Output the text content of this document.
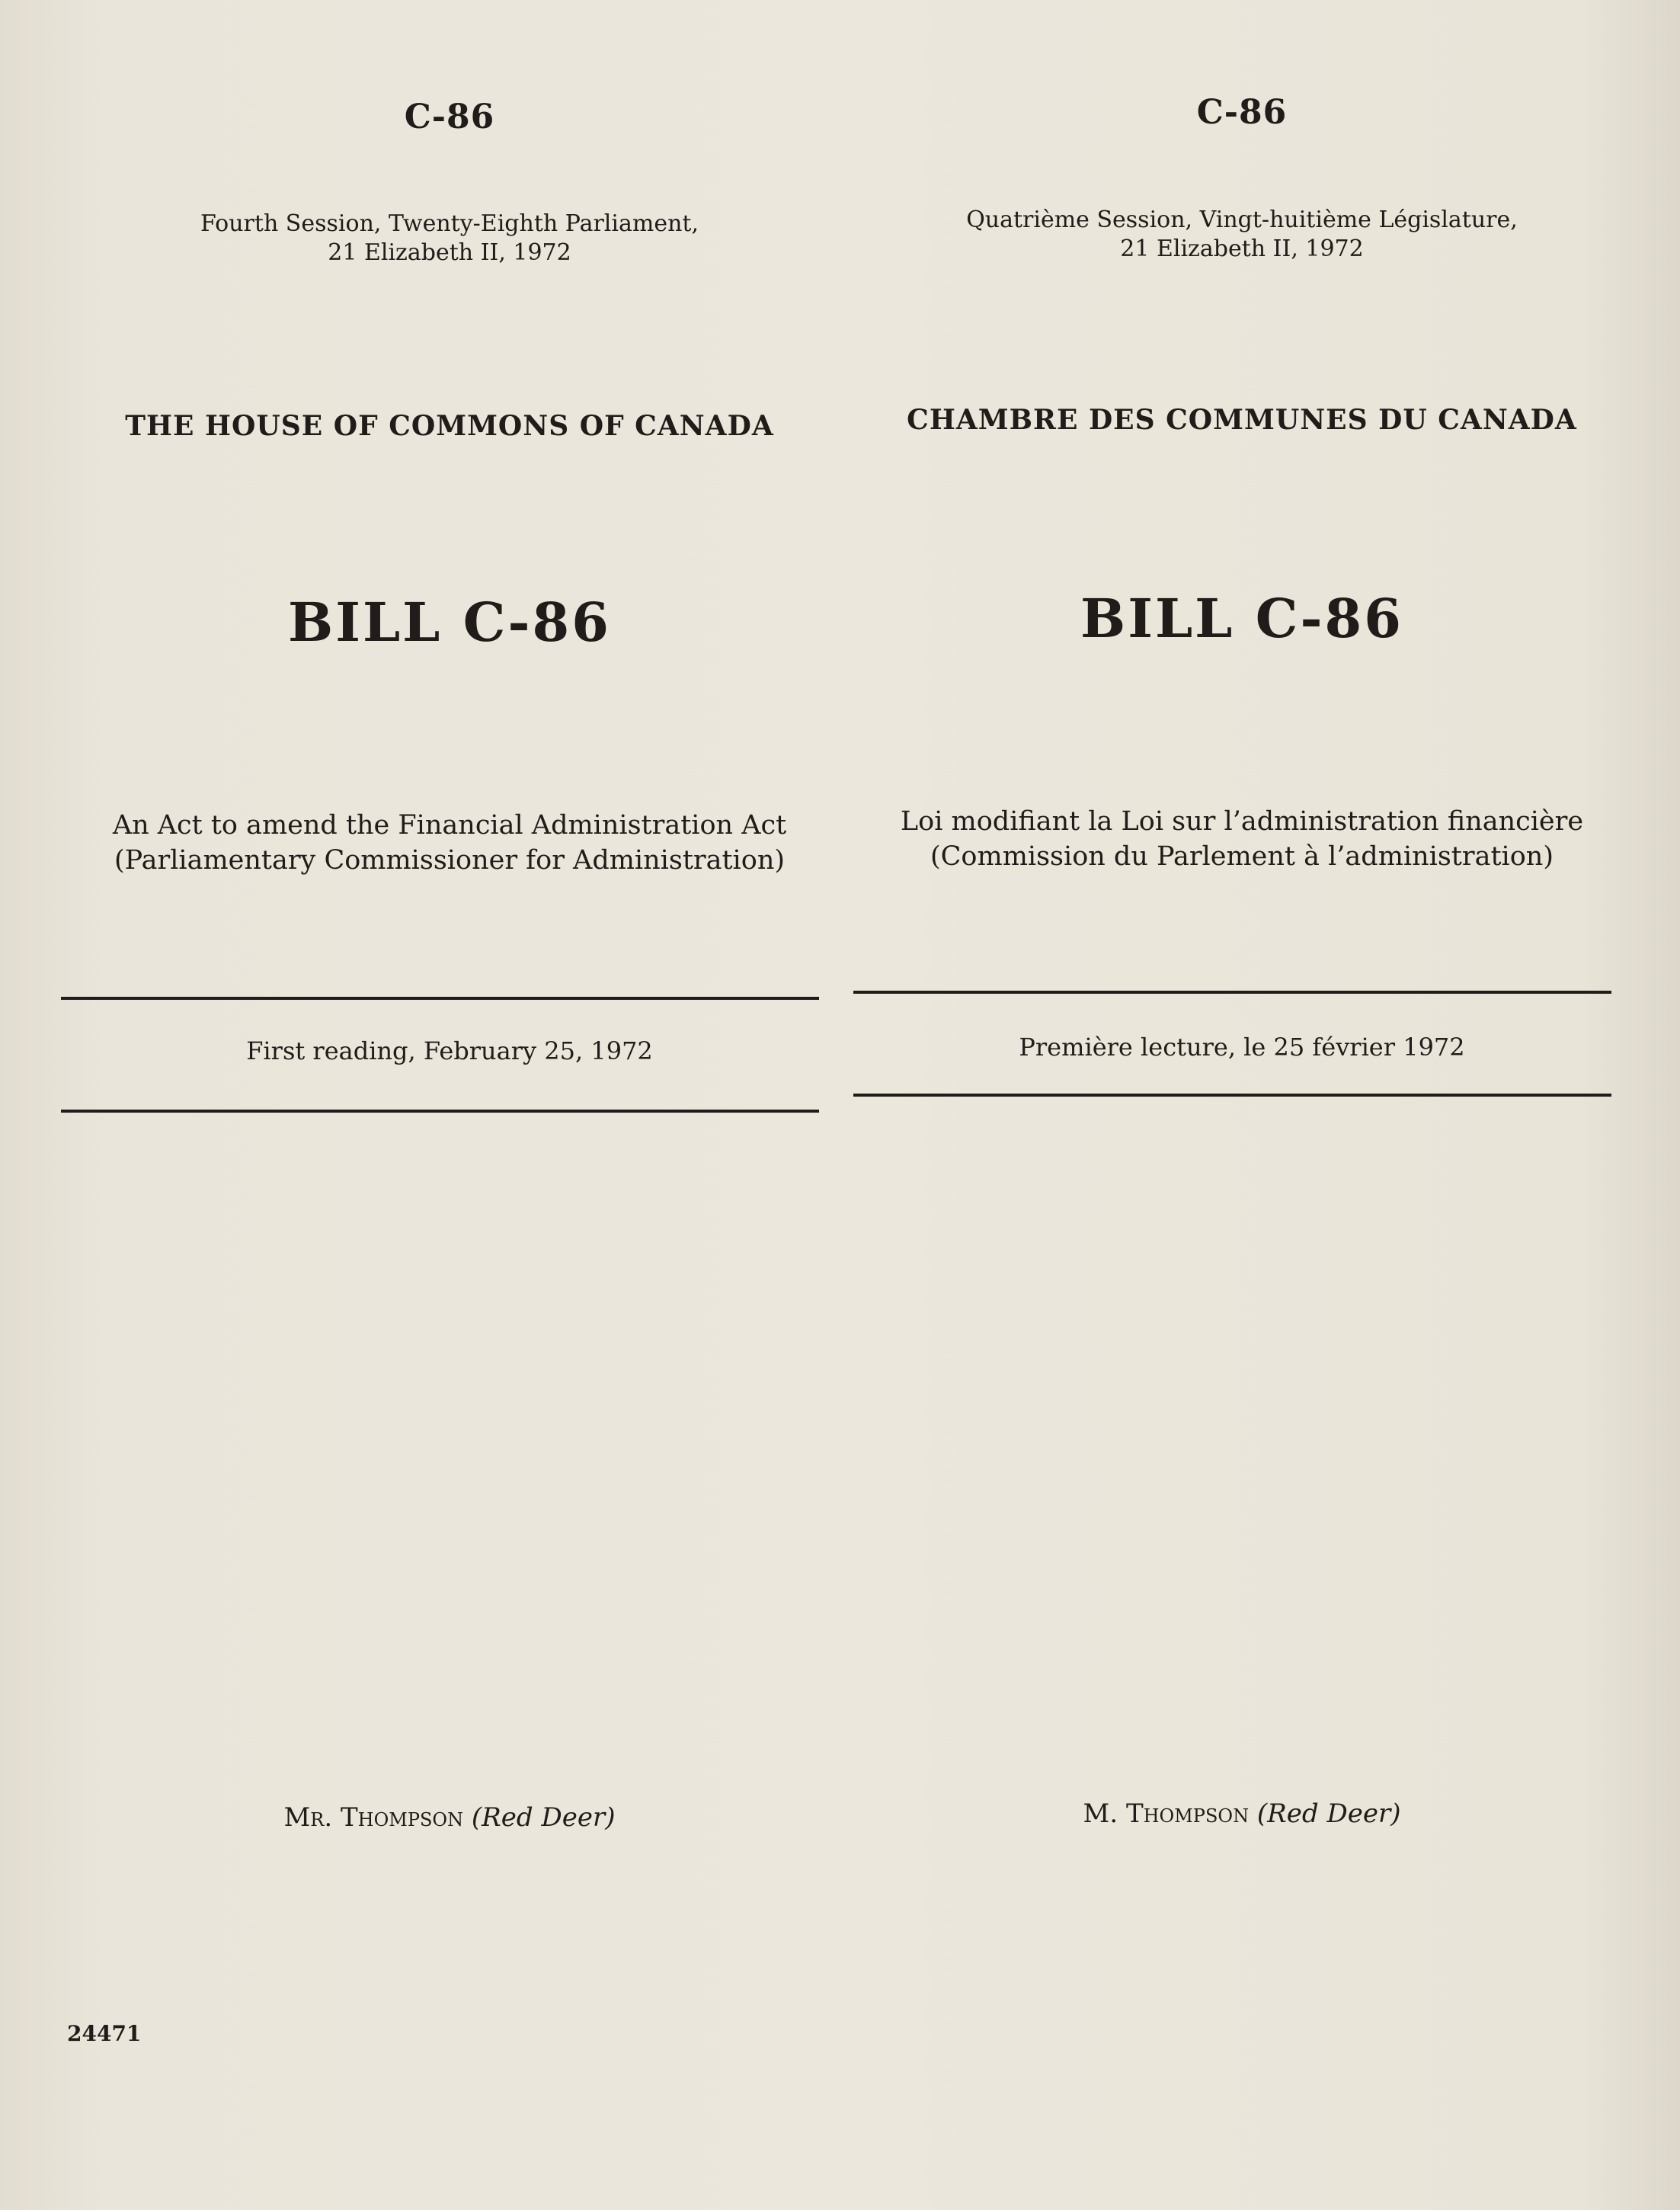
C-86
Fourth Session, Twenty-Eighth Parliament,
21 Elizabeth II, 1972
THE HOUSE OF COMMONS OF CANADA
BILL C-86
An Act to amend the Financial Administration Act
(Parliamentary Commissioner for Administration)
First reading, February 25, 1972
Mr. Thompson (Red Deer)
C-86
Quatrième Session, Vingt-huitième Législature,
21 Elizabeth II, 1972
CHAMBRE DES COMMUNES DU CANADA
BILL C-86
Loi modifiant la Loi sur l’administration financière
(Commission du Parlement à l’administration)
Première lecture, le 25 février 1972
M. Thompson (Red Deer)
24471
